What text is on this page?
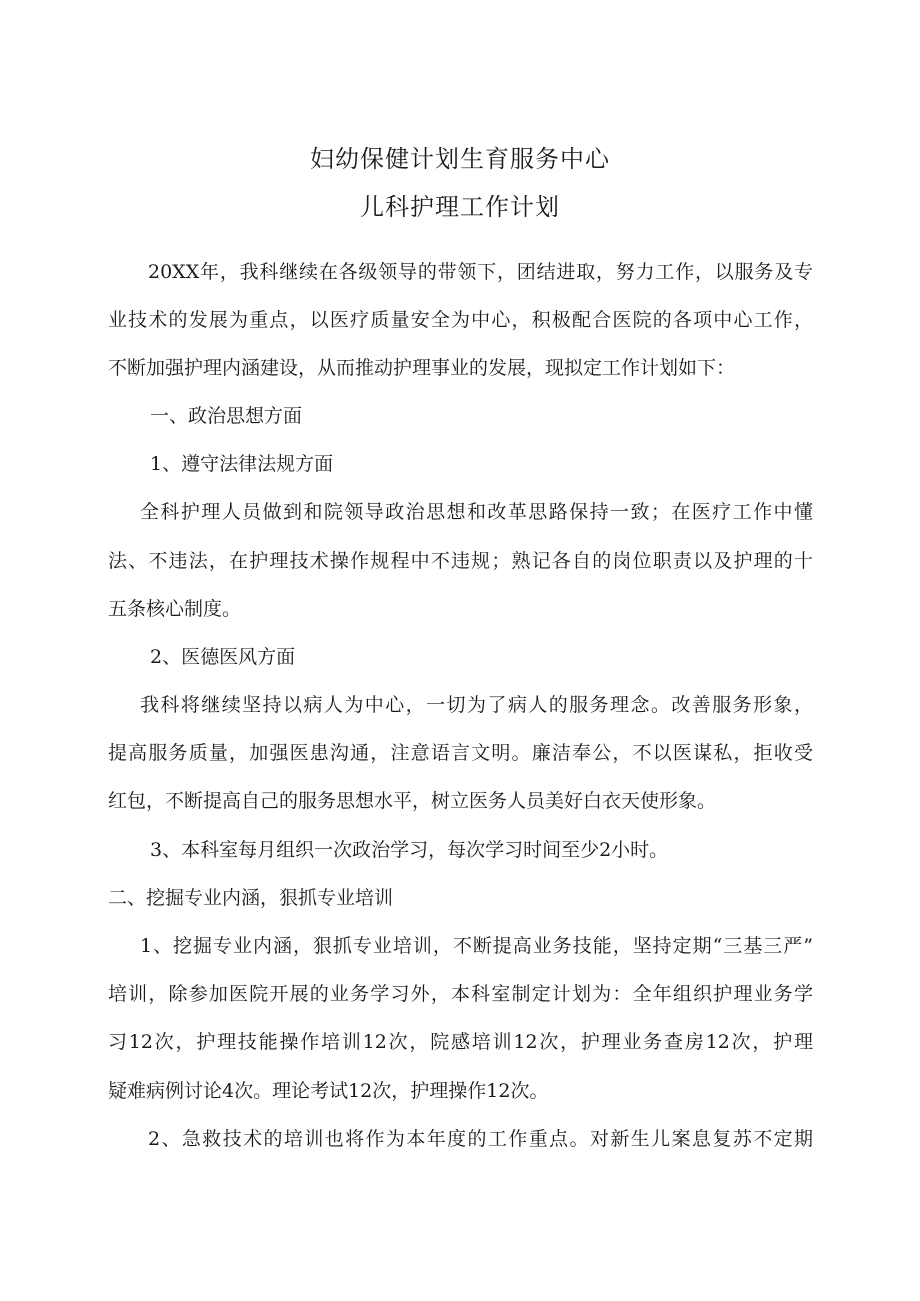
妇幼保健计划生育服务中心
儿科护理工作计划
20XX年，我科继续在各级领导的带领下，团结进取，努力工作，以服务及专
业技术的发展为重点，以医疗质量安全为中心，积极配合医院的各项中心工作，
不断加强护理内涵建设，从而推动护理事业的发展，现拟定工作计划如下：
一、政治思想方面
1、遵守法律法规方面
全科护理人员做到和院领导政治思想和改革思路保持一致；在医疗工作中懂
法、不违法，在护理技术操作规程中不违规；熟记各自的岗位职责以及护理的十
五条核心制度。
2、医德医风方面
我科将继续坚持以病人为中心，一切为了病人的服务理念。改善服务形象，
提高服务质量，加强医患沟通，注意语言文明。廉洁奉公，不以医谋私，拒收受
红包，不断提高自己的服务思想水平，树立医务人员美好白衣天使形象。
3、本科室每月组织一次政治学习，每次学习时间至少2小时。
二、挖掘专业内涵，狠抓专业培训
1、挖掘专业内涵，狠抓专业培训，不断提高业务技能，坚持定期“三基三严”
培训，除参加医院开展的业务学习外，本科室制定计划为：全年组织护理业务学
习12次，护理技能操作培训12次，院感培训12次，护理业务查房12次，护理
疑难病例讨论4次。理论考试12次，护理操作12次。
2、急救技术的培训也将作为本年度的工作重点。对新生儿案息复苏不定期
